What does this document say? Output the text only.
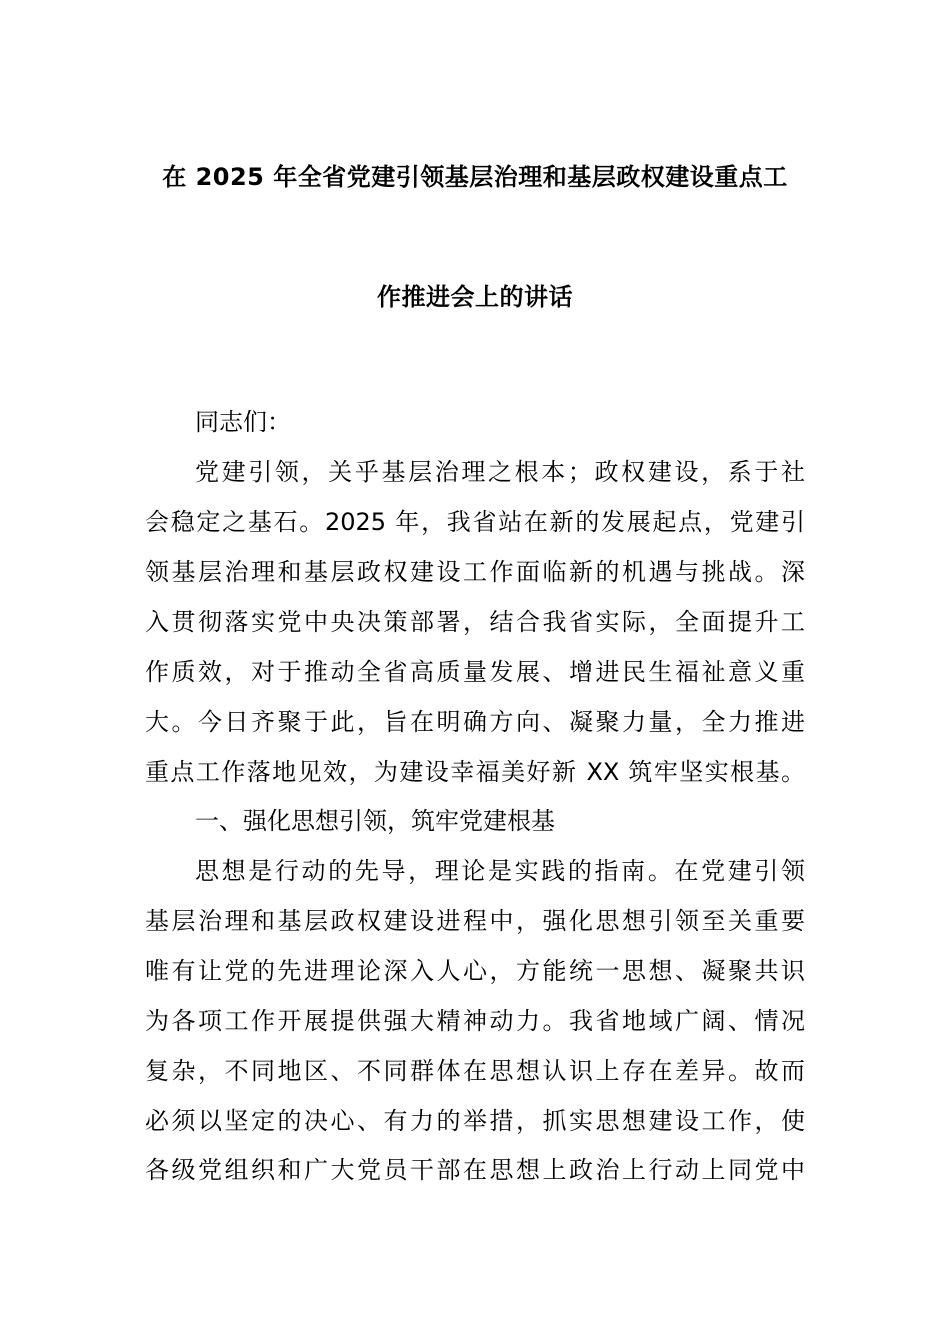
在 2025 年全省党建引领基层治理和基层政权建设重点工
作推进会上的讲话
同志们：
党建引领，关乎基层治理之根本；政权建设，系于社
会稳定之基石。2025 年，我省站在新的发展起点，党建引
领基层治理和基层政权建设工作面临新的机遇与挑战。深
入贯彻落实党中央决策部署，结合我省实际，全面提升工
作质效，对于推动全省高质量发展、增进民生福祉意义重
大。今日齐聚于此，旨在明确方向、凝聚力量，全力推进
重点工作落地见效，为建设幸福美好新 XX 筑牢坚实根基。
一、强化思想引领，筑牢党建根基
思想是行动的先导，理论是实践的指南。在党建引领
基层治理和基层政权建设进程中，强化思想引领至关重要
唯有让党的先进理论深入人心，方能统一思想、凝聚共识
为各项工作开展提供强大精神动力。我省地域广阔、情况
复杂，不同地区、不同群体在思想认识上存在差异。故而
必须以坚定的决心、有力的举措，抓实思想建设工作，使
各级党组织和广大党员干部在思想上政治上行动上同党中
